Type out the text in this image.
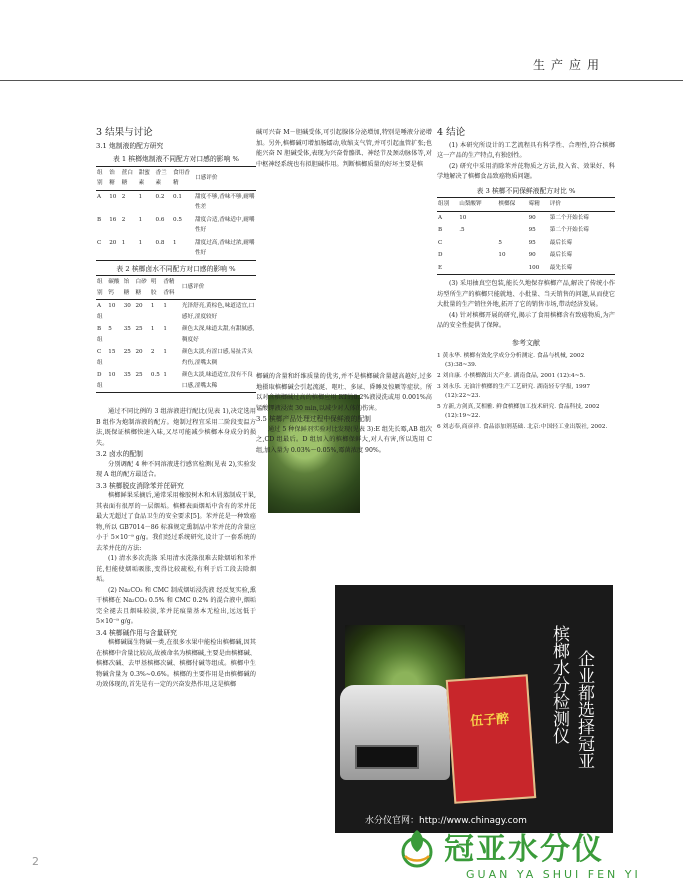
生产应用
3 结果与讨论
3.1 炮制液的配方研究
表 1 槟榔炮制液不同配方对口感的影响 %
组别	饴糖	蔗白糖	甜蜜素	香兰素	食用香精	口感评价
A	10	2	1	0.2	0.1	甜度不够,香味不够,耐嚼性差
B	16	2	1	0.6	0.5	甜度合适,香味适中,耐嚼性好
C	20	1	1	0.8	1	甜度过高,香味过浓,耐嚼性好
表 2 槟榔卤水不同配方对口感的影响 %
组别	碳酸钙	饴糖	白砂糖	明胶	香精香料	口感评价
A组	10	30	20	1	1	光泽舒亮,黄棕色,味道适宜,口感好,涩度较好
B组	5	35	25	1	1	颜色太深,味道太甜,有甜腻感,稠度好
C组	15	25	20	2	1	颜色太淡,有涩口感,易扯舌头灼伤,涩嘴太稠
D组	10	35	25	0.5	1	颜色太淡,味道适宜,没有不良口感,涩嘴太稀

通过不同比例的 3 组溶液进行配比(见表 1),决定选用 B 组作为炮制溶液的配方。炮制过程宜采用二阶段变温方法,既保证槟榔快速入味,又尽可能减少槟榔本身成分的损失。

3.2 卤水的配制

分别调配 4 种不同溶液进行感官检测(见表 2),实验发现 A 组的配方最适合。

3.3 槟榔脱皮消除苯并芘研究

槟榔鲜果采摘后,通常采用橡胶树木和木屑蒸制成干果,其表面有很厚的一层烟垢。槟榔表面烟垢中含有的苯并芘最大无超过了食品卫生的安全要求[5]。苯并芘是一种致癌物,所以 GB7014－86 标准规定熏制品中苯并芘的含量应小于 5×10⁻⁹ g/g。我们经过系统研究,设计了一套系统的去苯并芘的方法:

(1) 清水多次洗涤 采用清水洗涤很难去除烟垢和苯并芘,但能使烟垢吸胀,变得比较疏松,有利于后工段去除烟垢。

(2) Na₂CO₃ 和 CMC 制成烟垢浸洗液 经反复实验,熏干槟榔在 Na₂CO₃ 0.5% 和 CMC 0.2% 的混合液中,烟垢完全褪去且烟味较淡,苯并芘痕量基本无检出,远远低于 5×10⁻⁹ g/g。

3.4 槟榔碱作用与含量研究

槟榔碱属生物碱一类,在很多水果中能检出槟榔碱,因其在槟榔中含量比较高,故被命名为槟榔碱,主要是由槟榔碱、槟榔次碱、去甲基槟榔次碱、槟榔付碱等组成。槟榔中生物碱含量为 0.3%~0.6%。槟榔的主要作用是由槟榔碱的功效体现的,首先是有一定的兴奋发热作用,这是槟榔

碱可兴奋 M－胆碱受体,可引起腺体分泌增加,特别是唾液分泌增加。另外,槟榔碱可增加肠蠕动,收缩支气管,并可引起血管扩张;也能兴奋 N 胆碱受体,表现为兴奋骨骼肌、神经节及颈动脉体等,对中枢神经系统也有拟胆碱作用。判断槟榔质量的好坏主要是槟

榔碱的含量和纤维质量的优劣,并不是槟榔碱含量越高越好,过多地摄取槟榔碱会引起流涎、呕吐、多尿、昏睡及惊厥等症状。所以对含槟榔碱过高的槟榔应用 RT的0.2%液浸洗或用 0.001%高锰酸钾液浸渍 30 min,以减少对人体的伤害。

3.5 槟榔产品处理过程中保鲜液的配制

通过 5 种保鲜剂实验对比发现(见表 3):E 组先长霉,AB 组次之,CD 组最后。D 组加入的槟榔保鲜大,对人有害,所以选用 C 组,加入量为 0.03%～0.05%,霉菌浓度 90%。

4 结论

(1) 本研究所设计的工艺流程具有科学性、合理性,符合槟榔这一产品的生产特点,有独创性。

(2) 研究中采用消除苯并芘物质之方法,投入省、效果好、科学地解决了槟榔食品致癌物质问题。

表 3 槟榔不同保鲜液配方对比 %
组别	山梨酸钾	槟榔保	霉精	评价
A	10		90	第二个开始长霉
B	.5		95	第二个开始长霉
C		5	95	最后长霉
D		10	90	最后长霉
E			100	最先长霉

(3) 采用抽真空包装,能长久地保存槟榔产品,解决了传统小作坊型所生产的槟榔只能就地、小批量、当天销售的问题,从而使它大批量的生产销往外地,拓开了它的销售市场,带动经济发展。

(4) 针对槟榔开展的研究,揭示了食用槟榔含有致癌物质,为产品的安全性提供了保障。

参考文献
1 黄永华. 槟榔有效化学成分分析测定. 食品与机械, 2002 (3):38~39.
2 刘自康. 小槟榔做出大产业. 湖南食品, 2001 (12):4~5.
3 刘永乐. 无油汁槟榔的生产工艺研究. 湖南轻专学报, 1997 (12):22~23.
5 方新,方剑真,艾相雅. 鲜食槟榔加工技术研究. 食品科技, 2002 (12):19~22.
6 刘志奉,商彦祥. 食品添加剂基础. 北京:中国轻工业出版社, 2002.
伍子醉	槟榔水分检测仪 企业都选择冠亚
水分仪官网：http://www.chinagy.com
冠亚水分仪
GUAN YA SHUI FEN YI
2
